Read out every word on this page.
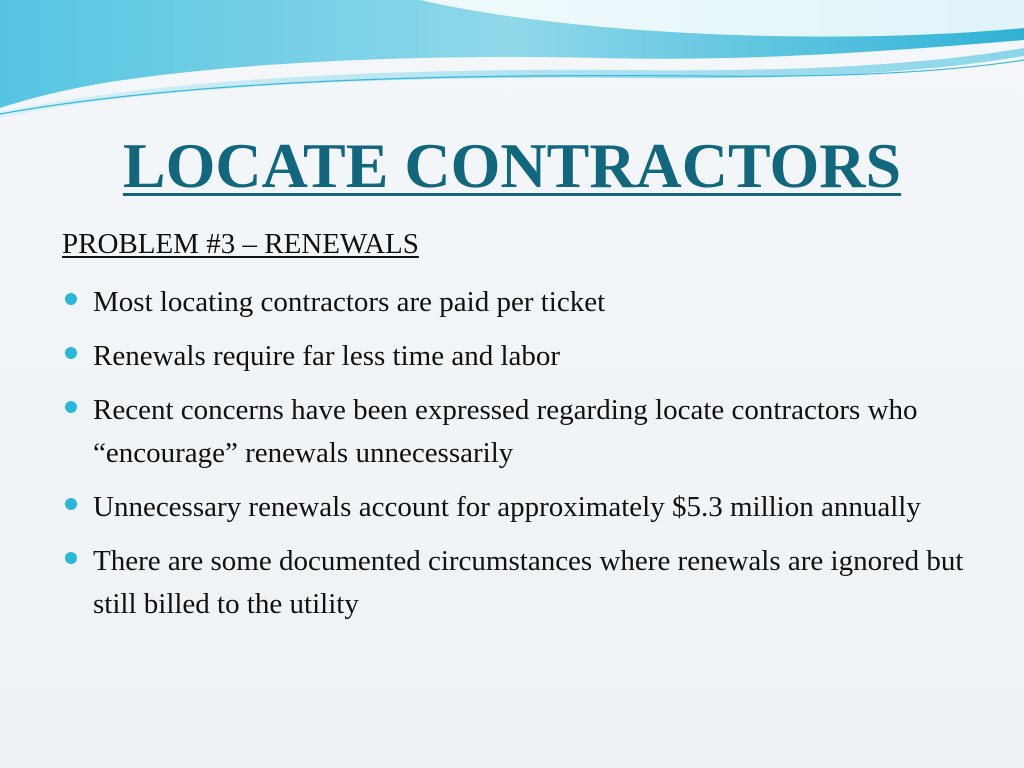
LOCATE CONTRACTORS

PROBLEM #3 – RENEWALS

Most locating contractors are paid per ticket
Renewals require far less time and labor
Recent concerns have been expressed regarding locate contractors who “encourage” renewals unnecessarily
Unnecessary renewals account for approximately $5.3 million annually
There are some documented circumstances where renewals are ignored but still billed to the utility
